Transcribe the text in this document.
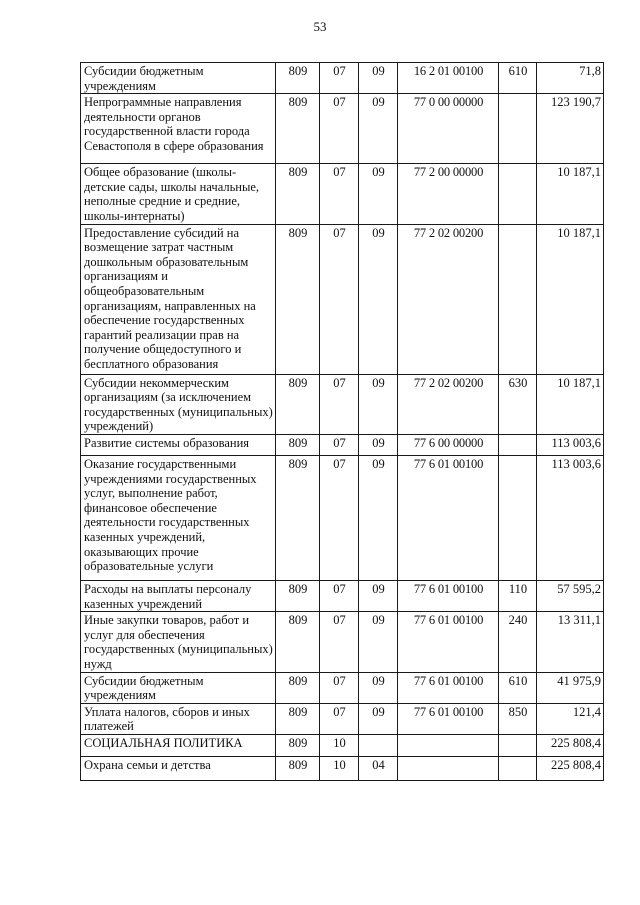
53
Субсидии бюджетным учреждениям	809	07	09	16 2 01 00100	610	71,8
Непрограммные направления деятельности органов государственной власти города Севастополя в сфере образования	809	07	09	77 0 00 00000		123 190,7
Общее образование (школы-детские сады, школы начальные, неполные средние и средние, школы-интернаты)	809	07	09	77 2 00 00000		10 187,1
Предоставление субсидий на возмещение затрат частным дошкольным образовательным организациям и общеобразовательным организациям, направленных на обеспечение государственных гарантий реализации прав на получение общедоступного и бесплатного образования	809	07	09	77 2 02 00200		10 187,1
Субсидии некоммерческим организациям (за исключением государственных (муниципальных) учреждений)	809	07	09	77 2 02 00200	630	10 187,1
Развитие системы образования	809	07	09	77 6 00 00000		113 003,6
Оказание государственными учреждениями государственных услуг, выполнение работ, финансовое обеспечение деятельности государственных казенных учреждений, оказывающих прочие образовательные услуги	809	07	09	77 6 01 00100		113 003,6
Расходы на выплаты персоналу казенных учреждений	809	07	09	77 6 01 00100	110	57 595,2
Иные закупки товаров, работ и услуг для обеспечения государственных (муниципальных) нужд	809	07	09	77 6 01 00100	240	13 311,1
Субсидии бюджетным учреждениям	809	07	09	77 6 01 00100	610	41 975,9
Уплата налогов, сборов и иных платежей	809	07	09	77 6 01 00100	850	121,4
СОЦИАЛЬНАЯ ПОЛИТИКА	809	10				225 808,4
Охрана семьи и детства	809	10	04			225 808,4
